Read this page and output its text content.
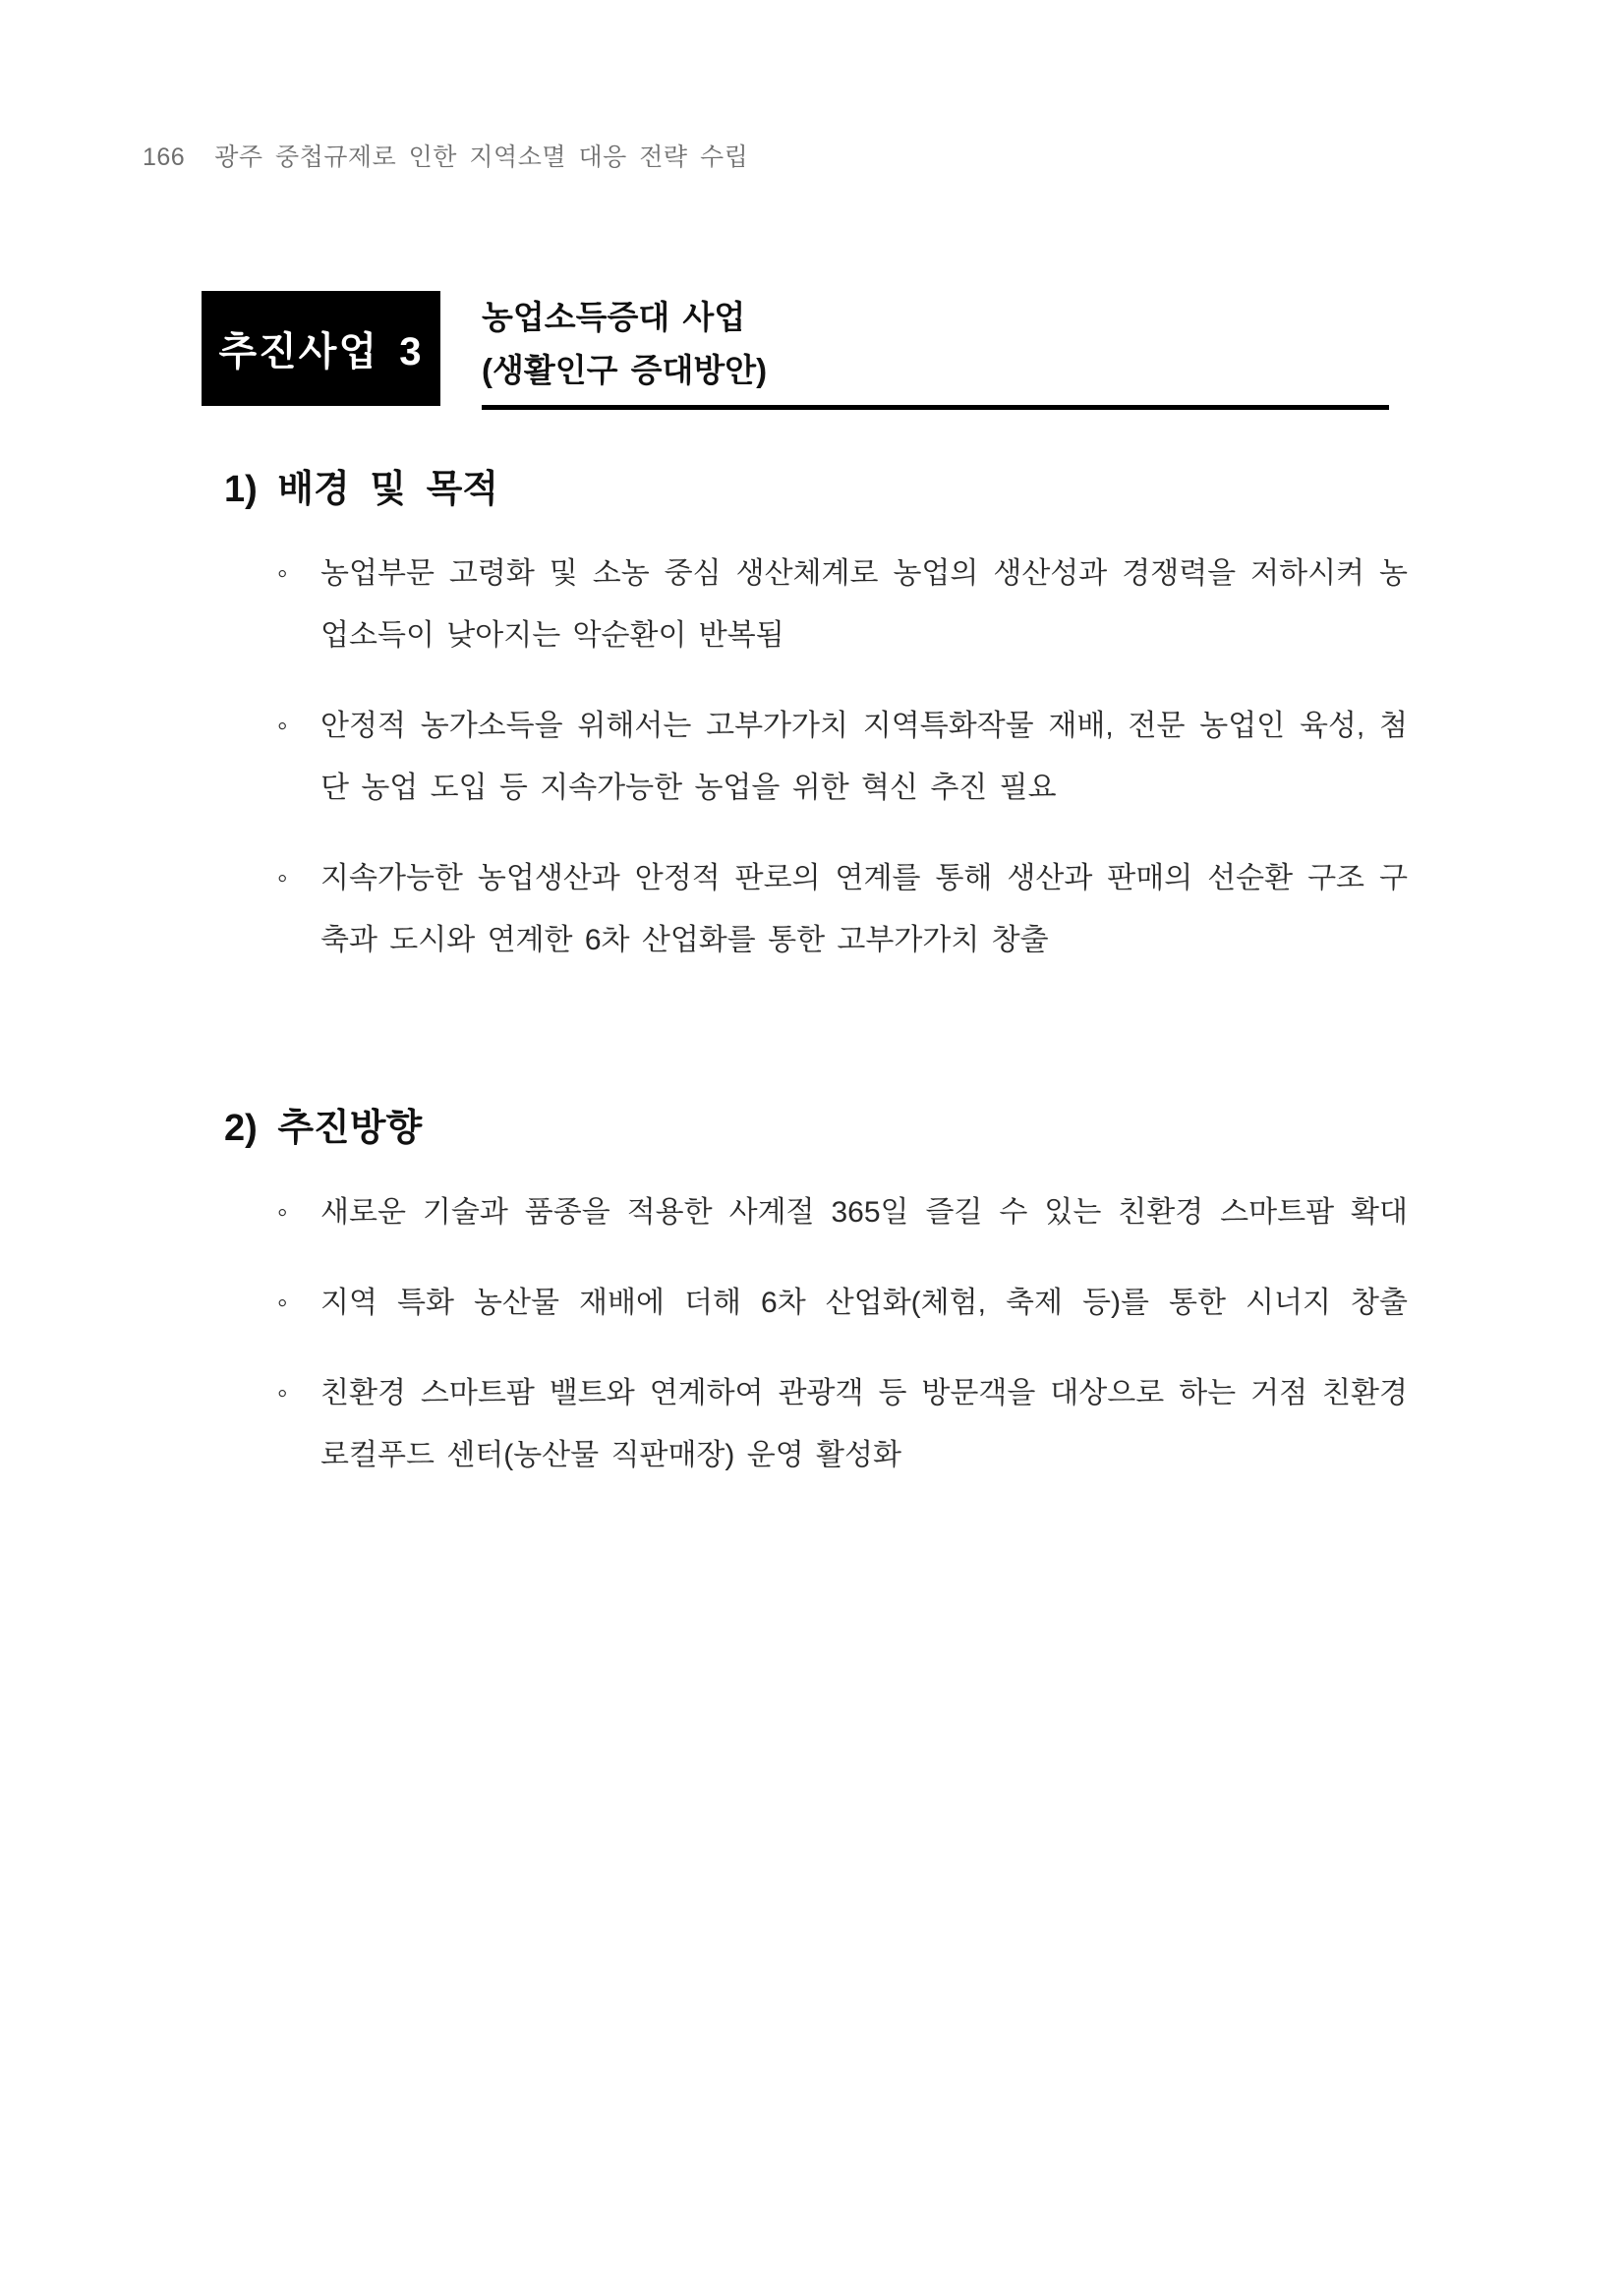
166 광주 중첩규제로 인한 지역소멸 대응 전략 수립
추진사업 3
농업소득증대 사업
(생활인구 증대방안)
1) 배경 및 목적
◦ 농업부문 고령화 및 소농 중심 생산체계로 농업의 생산성과 경쟁력을 저하시켜 농업소득이 낮아지는 악순환이 반복됨
◦ 안정적 농가소득을 위해서는 고부가가치 지역특화작물 재배, 전문 농업인 육성, 첨단 농업 도입 등 지속가능한 농업을 위한 혁신 추진 필요
◦ 지속가능한 농업생산과 안정적 판로의 연계를 통해 생산과 판매의 선순환 구조 구축과 도시와 연계한 6차 산업화를 통한 고부가가치 창출
2) 추진방향
◦ 새로운 기술과 품종을 적용한 사계절 365일 즐길 수 있는 친환경 스마트팜 확대
◦ 지역 특화 농산물 재배에 더해 6차 산업화(체험, 축제 등)를 통한 시너지 창출
◦ 친환경 스마트팜 밸트와 연계하여 관광객 등 방문객을 대상으로 하는 거점 친환경 로컬푸드 센터(농산물 직판매장) 운영 활성화
